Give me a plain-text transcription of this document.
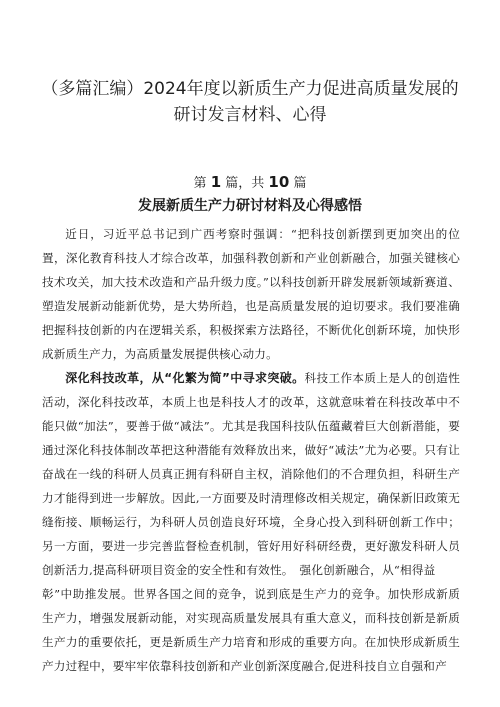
（多篇汇编）2024年度以新质生产力促进高质量发展的研讨发言材料、心得
第 1 篇，共 10 篇
发展新质生产力研讨材料及心得感悟

近日，习近平总书记到广西考察时强调：“把科技创新摆到更加突出的位置，深化教育科技人才综合改革，加强科教创新和产业创新融合，加强关键核心技术攻关，加大技术改造和产品升级力度。”以科技创新开辟发展新领域新赛道、塑造发展新动能新优势，是大势所趋，也是高质量发展的迫切要求。我们要准确把握科技创新的内在逻辑关系，积极探索方法路径，不断优化创新环境，加快形成新质生产力，为高质量发展提供核心动力。

深化科技改革，从“化繁为简”中寻求突破。科技工作本质上是人的创造性活动，深化科技改革，本质上也是科技人才的改革，这就意味着在科技改革中不能只做“加法”，要善于做“减法”。尤其是我国科技队伍蕴藏着巨大创新潜能，要通过深化科技体制改革把这种潜能有效释放出来，做好“减法”尤为必要。只有让奋战在一线的科研人员真正拥有科研自主权，消除他们的不合理负担，科研生产力才能得到进一步解放。因此,一方面要及时清理修改相关规定，确保新旧政策无缝衔接、顺畅运行，为科研人员创造良好环境，全身心投入到科研创新工作中；另一方面，要进一步完善监督检查机制，管好用好科研经费，更好激发科研人员创新活力,提高科研项目资金的安全性和有效性。　强化创新融合，从“相得益

彰”中助推发展。世界各国之间的竞争，说到底是生产力的竞争。加快形成新质生产力，增强发展新动能，对实现高质量发展具有重大意义，而科技创新是新质生产力的重要依托，更是新质生产力培育和形成的重要方向。在加快形成新质生产力过程中，要牢牢依靠科技创新和产业创新深度融合,促进科技自立自强和产
